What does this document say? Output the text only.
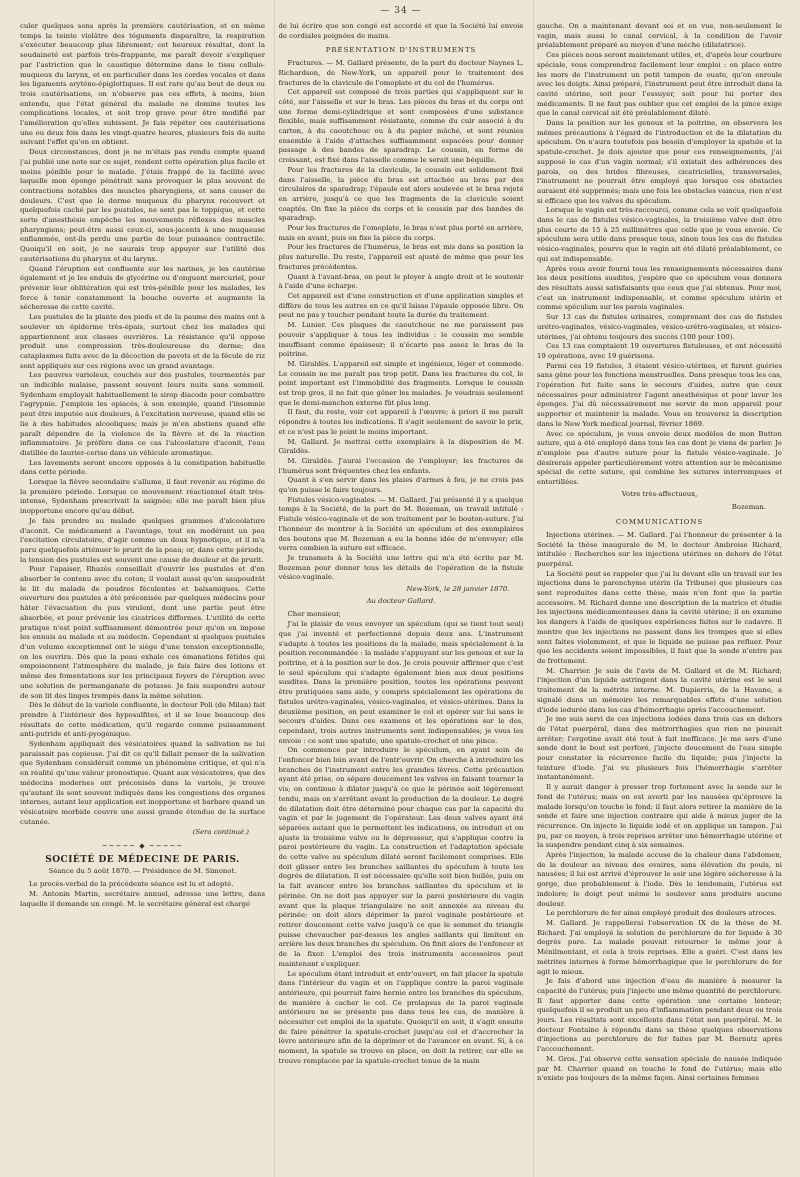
— 34 —

culer quelques sons après la première cautérisation, et en même temps la teinte violâtre des téguments disparaître, la respiration s'exécuter beaucoup plus librement; cet heureux résultat, dont la soudaineté est parfois très-frappante, me paraît devoir s'expliquer par l'astriction que le caustique détermine dans le tissu cellulo-muqueux du larynx, et en particulier dans les cordes vocales et dans les ligaments aryténo-épiglottiques. Il est rare qu'au bout de deux ou trois cautérisations, on n'observe pas ces effets, à moins, bien entendu, que l'état général du malade ne domine toutes les complications locales, et soit trop grave pour être modifié par l'amélioration qu'elles subissent. Je fais répéter ces cautérisations une ou deux fois dans les vingt-quatre heures, plusieurs fois de suite suivant l'effet qu'on en obtient.

Deux circonstances, dont je ne m'étais pas rendu compte quand j'ai publié une note sur ce sujet, rendent cette opération plus facile et moins pénible pour le malade. J'étais frappé de la facilité avec laquelle mon éponge pénétrait sans provoquer le plus souvent de contractions notables des muscles pharyngiens, et sans causer de douleurs. C'est que le derme muqueux du pharynx recouvert et quelquefois caché par les pustules, ne sent pas le toppique, et cette sorte d'anesthésie empêche les mouvements réflexes des muscles pharyngiens; peut-être aussi ceux-ci, sous-jacents à une muqueuse enflammée, ont-ils perdu une partie de leur puissance contractile. Quoiqu'il en soit, je ne saurais trop appuyer sur l'utilité des cautérisations du pharynx et du larynx.

Quand l'éruption est confluente sur les narines, je les cautérise également et je les enduis de glycérine ou d'onguent mercuriel, pour prévenir leur oblitération qui est très-pénible pour les malades, les force à tenir constamment la bouche ouverte et augmente la sécheresse de cette cavité.

Les pustules de la plante des pieds et de la paume des mains ont à soulever un épiderme très-épais, surtout chez les malades qui appartiennent aux classes ouvrières. La résistance qu'il oppose produit une compression très-douloureuse du derme; des cataplasmes faits avec de la décoction de pavots et de la fécule de riz sont appliqués sur ces régions avec un grand avantage.

Les pauvres varioleux, couchés sur des pustules, tourmentés par un indicible malaise, passent souvent leurs nuits sans sommeil. Sydenham employait habituellement le sirop diacode pour combattre l'agrypnie. J'emploie les opiacés, à son exemple, quand l'insomnie peut être imputée aux douleurs, à l'excitation nerveuse, quand elle se lie à des habitudes alcooliques; mais je m'en abstiens quand elle paraît dépendre de la violence de la fièvre et de la réaction inflammatoire. Je préfère dans ce cas l'alcoolature d'aconit, l'eau distillée de laurier-cerise dans un véhicule aromatique.

Les lavements seront encore opposés à la constipation habituelle dans cette période.

Lorsque la fièvre secondaire s'allume, il faut revenir au régime de la première période. Lorsque ce mouvement réactionnel était très-intense, Sydenham prescrivait la saignée; elle me paraît bien plus inopportune encore qu'au début.

Je fais prendre au malade quelques grammes d'alcoolature d'aconit. Ce médicament a l'avantage, tout en modérant un peu l'excitation circulatoire, d'agir comme un doux hypnotique, et il m'a paru quelquefois atténuer le prurit de la peau; or, dans cette période, la tension des pustules est souvent une cause de douleur et de prurit.

Pour l'apaiser, Rhazès conseillait d'ouvrir les pustules et d'en absorber le contenu avec du coton; il voulait aussi qu'on saupoudrât le lit du malade de poudres féculentes et balsamiques. Cette ouverture des pustules a été préconisée par quelques médecins pour hâter l'évacuation du pus virulent, dont une partie peut être absorbée, et pour prévenir les cicatrices difformes. L'utilité de cette pratique n'est point suffisamment démontrée pour qu'on en impose les ennuis au malade et au médecin. Cependant si quelques pustules d'un volume exceptionnel ont le siège d'une tension exceptionnelle, on les ouvrira. Dès que la peau exhale ces émanations fétides qui empoisonnent l'atmosphère du malade, je fais faire des lotions et même des fomentations sur les principaux foyers de l'éruption avec une solution de permanganate de potasse. Je fais suspendre autour de son lit des linges trempés dans la même solution.

Dès le début de la variole confluente, le docteur Poli (de Milan) fait prendre à l'intérieur des hyposulfites, et il se loue beaucoup des résultats de cette médication, qu'il regarde comme puissamment anti-putride et anti-pyogénique.

Sydenham appliquait des vésicatoires quand la salivation ne lui paraissait pas copieuse. J'ai dit ce qu'il fallait penser de la salivation que Sydenham considérait comme un phénomène critique, et qui n'a en réalité qu'une valeur pronostique. Quant aux vésicatoires, que des médecins modernes ont préconisés dans la variole, je trouve qu'autant ils sont souvent indiqués dans les congestions des organes internes, autant leur application est inopportune et barbare quand un vésicatoire morbide couvre une aussi grande étendue de la surface cutanée.

(Sera continué.)
~~~~~ ◆ ~~~~~
SOCIÉTÉ DE MÉDECINE DE PARIS.
Séance du 5 août 1870. — Présidence de M. Simonot.

Le procès-verbal de la précédente séance est lu et adopté.

M. Antonin Martin, secrétaire annuel, adresse une lettre, dans laquelle il demande un congé. M. le secrétaire général est chargé

de lui écrire que son congé est accordé et que la Société lui envoie de cordiales poignées de mains.

PRÉSENTATION D'INSTRUMENTS

Fractures. — M. Gallard présente, de la part du docteur Naynes L. Richardson, de New-York, un appareil pour le traitement des fractures de la clavicule de l'omoplate et du col de l'humérus.

Cet appareil est composé de trois parties qui s'appliquent sur le côté, sur l'aisselle et sur le bras. Les pièces du bras et du corps ont une forme demi-cylindrique et sont composées d'une substance flexible, mais suffisamment résistante, comme du cuir associé à du carton, à du caoutchouc ou à du papier mâché, et sont réunies ensemble à l'aide d'attaches suffisamment espacées pour donner passage à des bandes de sparadrap. Le coussin, en forme de croissant, est fixé dans l'aisselle comme le serait une béquille.

Pour les fractures de la clavicule, le coussin est solidement fixé dans l'aisselle, la pièce du bras est attachée au bras par des circulaires de sparadrap; l'épaule est alors soulevée et le bras rejeté en arrière, jusqu'à ce que les fragments de la clavicule soient coaptés. On fixe la pièce du corps et le coussin par des bandes de sparadrap.

Pour les fractures de l'omoplate, le bras n'est plus porté en arrière, mais en avant, puis on fixe la pièce du corps.

Pour les fractures de l'humérus, le bras est mis dans sa position la plus naturelle. Du reste, l'appareil est ajusté de même que pour les fractures précédentes.

Quant à l'avant-bras, on peut le ployer à angle droit et le soutenir à l'aide d'une écharpe.

Cet appareil est d'une construction et d'une application simples et diffère de tous les autres en ce qu'il laisse l'épaule opposée libre. On peut ne pas y toucher pendant toute la durée du traitement.

M. Lunier. Ces plaques de caoutchouc ne me paraissent pas pouvoir s'appliquer à tous les individus : le coussin me semble insuffisant comme épaisseur; il n'écarte pas assez le bras de la poitrine.

M. Giraldès. L'appareil est simple et ingénieux, léger et commode. Le coussin ne me paraît pas trop petit. Dans les fractures du col, le point important est l'immobilité des fragments. Lorsque le coussin est trop gros, il ne fait que gêner les malades. Je voudrais seulement que le demi-manchon externe fût plus long.

Il faut, du reste, voir cet appareil à l'œuvre; à priori il me paraît répondre à toutes les indications. Il s'agit seulement de savoir le prix, et ce n'est pas le point le moins important.

M. Gallard. Je mettrai cette exemplaire à la disposition de M. Giraldès.

M. Giraldès. J'aurai l'occasion de l'employer; les fractures de l'humérus sont fréquentes chez les enfants.

Quant à s'en servir dans les plaies d'armes à feu, je ne crois pas qu'on puisse le faire toujours.

Fistules vésico-vaginales. — M. Gallard. J'ai présenté il y a quelque temps à la Société, de la part de M. Bozeman, un travail intitulé : Fistule vésico-vaginale et de son traitement par le bouton-suture. J'ai l'honneur de montrer à la Société un spéculum et des exemplaires des boutons que M. Bozeman a eu la bonne idée de m'envoyer; elle verra combien la suture est efficace.

Je transmets à la Société une lettre qui m'a été écrite par M. Bozeman pour donner tous les détails de l'opération de la fistule vésico-vaginale.

New-York, le 28 janvier 1870.
Au docteur Gallard.

Cher monsieur,

J'ai le plaisir de vous envoyer un spéculum (qui se tient tout seul) que j'ai inventé et perfectionné depuis deux ans. L'instrument s'adapte à toutes les positions de la malade, mais spécialement à la position recommandée : la malade s'appuyant sur les genoux et sur la poitrine, et à la position sur le dos. Je crois pouvoir affirmer que c'est le seul spéculum qui s'adapte également bien aux deux positions susdites. Dans la première position, toutes les opérations peuvent être pratiquées sans aide, y compris spécialement les opérations de fistules urétro-vaginales, vésico-vaginales, et vésico-utérines. Dans la deuxième position, on peut examiner le col et opérer sur lui sans le secours d'aides. Dans ces examens et les opérations sur le dos, cependant, trois autres instruments sont indispensables; je vous les envoie : ce sont une spatule, une spatule-crochet et une pince.

On commence par introduire le spéculum, en ayant soin de l'enfoncer bien loin avant de l'entr'ouvrir. On cherche à introduire les branches de l'instrument entre les grandes lèvres. Cette précaution ayant été prise, on sépare doucement les valves en faisant tourner la vis; on continue à dilater jusqu'à ce que le périnée soit légèrement tendu, mais on s'arrêtant avant la production de la douleur. Le degré de dilatation doit être déterminé pour chaque cas par la capacité du vagin et par le jugement de l'opérateur. Les deux valves ayant été séparées autant que le permettent les indications, on introduit et on ajuste la troisième valve ou le dépresseur, qui s'applique contre la paroi postérieure du vagin. La construction et l'adaptation spéciale de cette valve au spéculum dilaté seront facilement comprises. Elle doit glisser entre les branches saillantes du spéculum à toute les degrés de dilatation. Il est nécessaire qu'elle soit bien huilée, puis on la fait avancer entre les branches saillantes du spéculum et le périnée. On ne doit pas appuyer sur la paroi postérieure du vagin avant que la plaque triangulaire ne soit annexée au niveau du périnée; on doit alors déprimer la paroi vaginale postérieure et retirer doucement cette valve jusqu'à ce que le sommet du triangle puisse chevaucher par-dessus les angles saillants qui limitent en arrière les deux branches du spéculum. On finit alors de l'enfoncer et de la fixer. L'emploi des trois instruments accessoires peut maintenant s'expliquer.

Le spéculum étant introduit et entr'ouvert, on fait placer la spatule dans l'intérieur du vagin et on l'applique contre la paroi vaginale antérieure, qui pourrait faire hernie entre les branches du spéculum, de manière à cacher le col. Ce prolapsus de la paroi vaginale antérieure ne se présente pas dans tous les cas, de manière à nécessiter cet emploi de la spatule. Quoiqu'il en soit, il s'agit ensuite de faire pénétrer la spatule-crochet jusqu'au col et d'accrocher la lèvre antérieure afin de la déprimer et de l'avancer en avant. Si, à ce moment, la spatule se trouve en place, on doit la retirer, car elle se trouve remplacée par la spatule-crochet tenue de la main

gauche. On a maintenant devant soi et en vue, non-seulement le vagin, mais aussi le canal cervical, à la condition de l'avoir préalablement préparé au moyen d'une mèche (dilatatrice).

Ces pièces nous seront maintenant utiles, et, d'après leur courbure spéciale, vous comprendrez facilement leur emploi : on place entre les mors de l'instrument un petit tampon de ouate, qu'on enroule avec les doigts. Ainsi préparé, l'instrument peut être introduit dans la cavité utérine, soit pour l'essuyer, soit pour lui porter des médicaments. Il ne faut pas oublier que cet emploi de la pince exige que le canal cervical ait été préalablement dilaté.

Dans la position sur les genoux et la poitrine, on observera les mêmes précautions à l'égard de l'introduction et de la dilatation du spéculum. On n'aura toutefois pas besoin d'employer la spatule et la spatule-crochet. Je dois ajouter que pour ces renseignements, j'ai supposé le cas d'un vagin normal; s'il existait des adhérences des parois, ou des brides fibreuses, cicatricielles, transversales, l'instrument ne pourrait être employé que lorsque ces obstacles auraient été supprimés; mais une fois les obstacles vaincus, rien n'est si efficace que les valves du spéculum.

Lorsque le vagin est très-raccourci, comme cela se voit quelquefois dans le cas de fistules vésico-vaginales, la troisième valve doit être plus courte de 15 à 25 millimètres que celle que je vous envoie. Ce spéculum sera utile dans presque tous, sinon tous les cas de fistules vésico-vaginales, pourvu que le vagin ait été dilaté préalablement, ce qui est indispensable.

Après vous avoir fourni tous les renseignements nécessaires dans les deux positions susdites, j'espère que ce spéculum vous donnera des résultats aussi satisfaisants que ceux que j'ai obtenus. Pour moi, c'est un instrument indispensable, et comme spéculum utérin et comme spéculum sur les parois vaginales.

Sur 13 cas de fistules urinaires, comprenant des cas de fistules urétro-vaginales, vésico-vaginales, vésico-urétro-vaginales, et vésico-utérines, j'ai obtenu toujours des succès (100 pour 100).

Ces 13 cas comptaient 19 ouvertures fistuleuses, et ont nécessité 19 opérations, avec 19 guérisons.

Parmi ces 19 fistules, 3 étaient vésico-utérines, et furent guéries sans gêne pour les fonctions menstruelles. Dans presque tous les cas, l'opération fut faite sans le secours d'aides, autre que ceux nécessaires pour administrer l'agent anesthésique et pour laver les éponges. J'ai dû nécessairement me servir de mon appareil pour supporter et maintenir la malade. Vous en trouverez la description dans le New York medical journal, février 1869.

Avec ce spéculum, je vous envoie deux modèles de mon Button suture, qui a été employé dans tous les cas dont je viens de parler. Je n'emploie pas d'autre suture pour la fistule vésico-vaginale. Je désirerais appeler particulièrement votre attention sur le mécanisme spécial de cette suture, qui combine les sutures interrompues et entortillées.

Votre très-affectueux,
Bozeman.
COMMUNICATIONS

Injections utérines. — M. Gallard. J'ai l'honneur de présenter à la Société la thèse inaugurale de M. le docteur Ambroise Richard, intitulée : Recherches sur les injections utérines en dehors de l'état puerpéral.

La Société peut se rappeler que j'ai lu devant elle un travail sur les injections dans le parenchyme utérin (la Tribune) que plusieurs cas sont reproduites dans cette thèse, mais n'en font que la partie accessoire. M. Richard donne une description de la matrice et étudie les injections médicamenteuses dans la cavité utérine; il en examine les dangers à l'aide de quelques expériences faites sur le cadavre. Il montre que les injections ne passent dans les trompes que si elles sont faites violemment, et que le liquide ne puisse pas refluer. Pour que les accidents soient impossibles, il faut que la sonde n'entre pas de frottement.

M. Charrier. Je suis de l'avis de M. Gallard et de M. Richard; l'injection d'un liquide astringent dans la cavité utérine est le seul traitement de la métrite interne. M. Dupierris, de la Havane, a signalé dans un mémoire les remarquables effets d'une solution d'iode iodurée dans les cas d'hémorrhagie après l'accouchement.

Je me suis servi de ces injections iodées dans trois cas en dehors de l'état puerpéral, dans des métrorrhagies que rien ne pouvait arrêter; l'ergotine avait été tout à fait inefficace. Je me sers d'une sonde dont le bout est perforé, j'injecte doucement de l'eau simple pour constater la récurrence facile du liquide; puis j'injecte la teinture d'iode. J'ai vu plusieurs fois l'hémorrhagie s'arrêter instantanément.

Il y aurait danger à presser trop fortement avec la sonde sur le fond de l'utérus; mais on est averti par les nausées qu'éprouve la malade lorsqu'on touche le fond; il faut alors retirer la manière de la sonde et faire une injection contraire qui aide à mieux juger de la récurrence. On injecte le liquide iodé et on applique un tampon. J'ai pu, par ce moyen, à trois reprises arrêter une hémorrhagie utérine et la suspendre pendant cinq à six semaines.

Après l'injection, la malade accuse de la chaleur dans l'abdomen, de la douleur au niveau des ovaires, sans élévation du pouls, ni nausées; il lui est arrivé d'éprouver le soir une légère sécheresse à la gorge, due probablement à l'iode. Dès le lendemain, l'utérus est indolore; le doigt peut même le soulever sans produire aucune douleur.

Le perchlorure de fer ainsi employé produit des douleurs atroces.

M. Gallard. Je rappellerai l'observation IX de la thèse de M. Richard. J'ai employé la solution de perchlorure de fer liquide à 30 degrés pure. La malade pouvait retourner le même jour à Ménilmontant, et cela à trois reprises. Elle a guéri. C'est dans les métrites internes à forme hémorrhagique que le perchlorure de fer agit le mieux.

Je fais d'abord une injection d'eau de manière à mesurer la capacité de l'utérus; puis j'injecte une même quantité de perchlorure. Il faut apporter dans cette opération une certaine lenteur; quelquefois il se produit un peu d'inflammation pendant deux ou trois jours. Les résultats sont excellents dans l'état non puerpéral. M. le docteur Fontaine à répondu dans sa thèse quelques observations d'injections au perchlorure de fer faites par M. Bernutz après l'accouchement.

M. Gros. J'ai observé cette sensation spéciale de nausée indiquée par M. Charrier quand on touche le fond de l'utérus; mais elle n'existe pas toujours de la même façon. Ainsi certaines femmes
